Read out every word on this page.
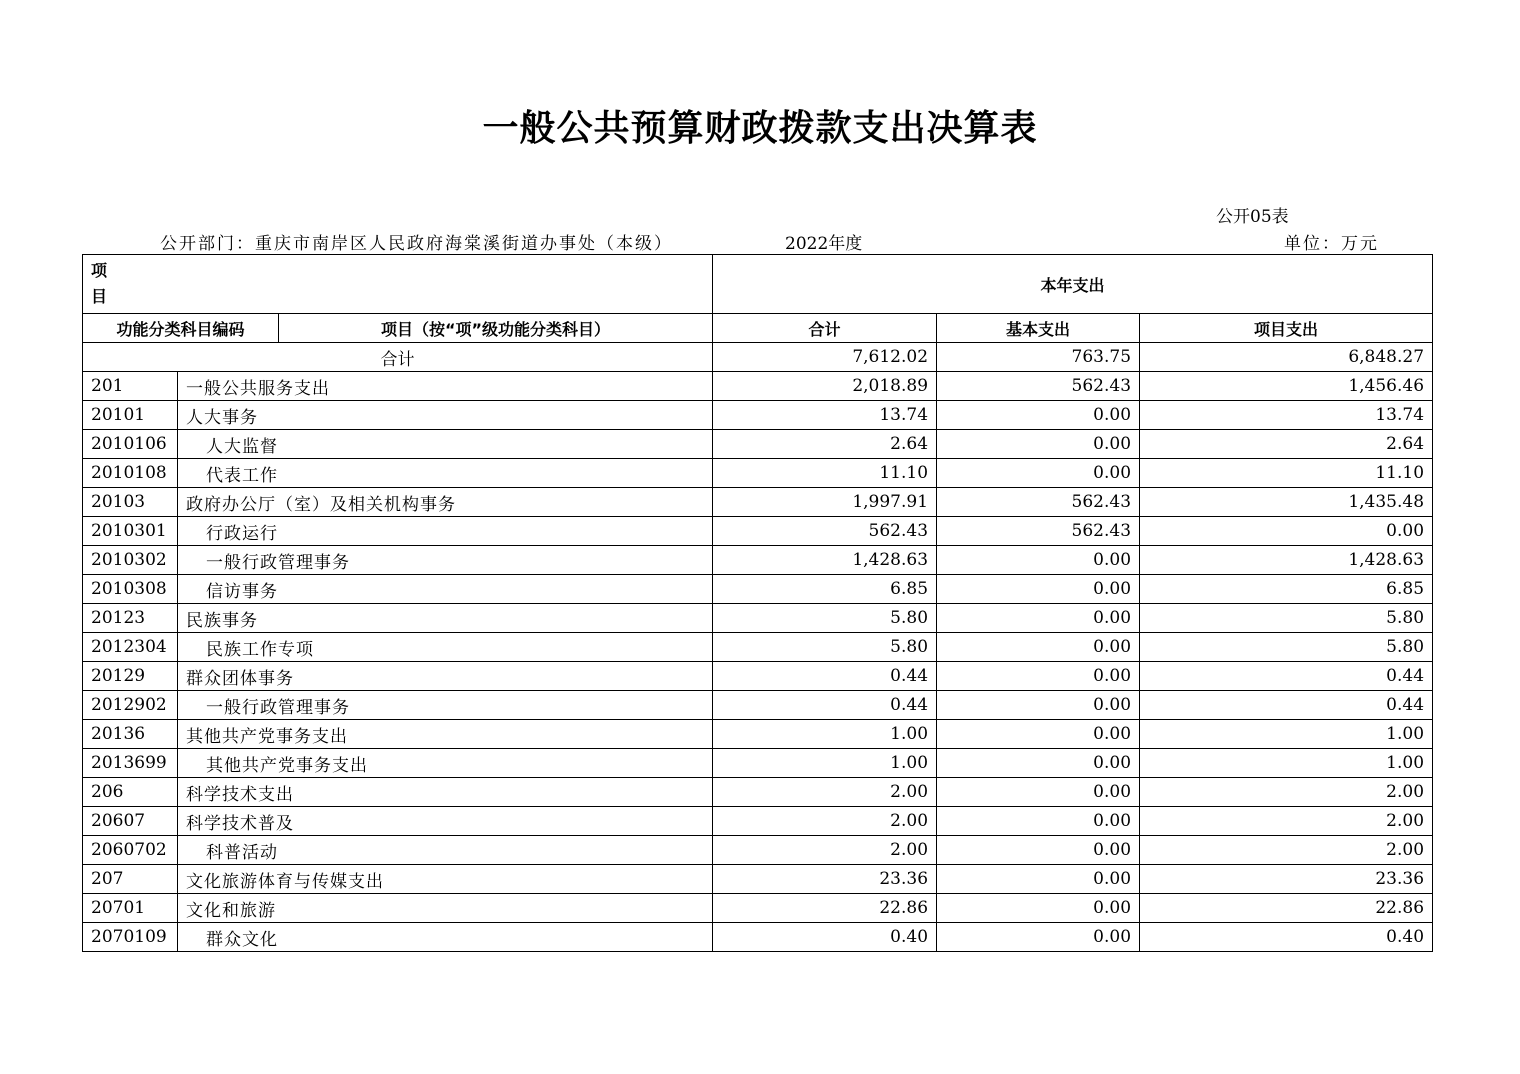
一般公共预算财政拨款支出决算表
公开05表
公开部门：重庆市南岸区人民政府海棠溪街道办事处（本级）	2022年度	单位：万元
项
目			本年支出		
功能分类科目编码		项目（按“项”级功能分类科目）	合计	基本支出	项目支出
合计			7,612.02	763.75	6,848.27
201	一般公共服务支出		2,018.89	562.43	1,456.46
20101	人大事务		13.74	0.00	13.74
2010106	人大监督		2.64	0.00	2.64
2010108	代表工作		11.10	0.00	11.10
20103	政府办公厅（室）及相关机构事务		1,997.91	562.43	1,435.48
2010301	行政运行		562.43	562.43	0.00
2010302	一般行政管理事务		1,428.63	0.00	1,428.63
2010308	信访事务		6.85	0.00	6.85
20123	民族事务		5.80	0.00	5.80
2012304	民族工作专项		5.80	0.00	5.80
20129	群众团体事务		0.44	0.00	0.44
2012902	一般行政管理事务		0.44	0.00	0.44
20136	其他共产党事务支出		1.00	0.00	1.00
2013699	其他共产党事务支出		1.00	0.00	1.00
206	科学技术支出		2.00	0.00	2.00
20607	科学技术普及		2.00	0.00	2.00
2060702	科普活动		2.00	0.00	2.00
207	文化旅游体育与传媒支出		23.36	0.00	23.36
20701	文化和旅游		22.86	0.00	22.86
2070109	群众文化		0.40	0.00	0.40
